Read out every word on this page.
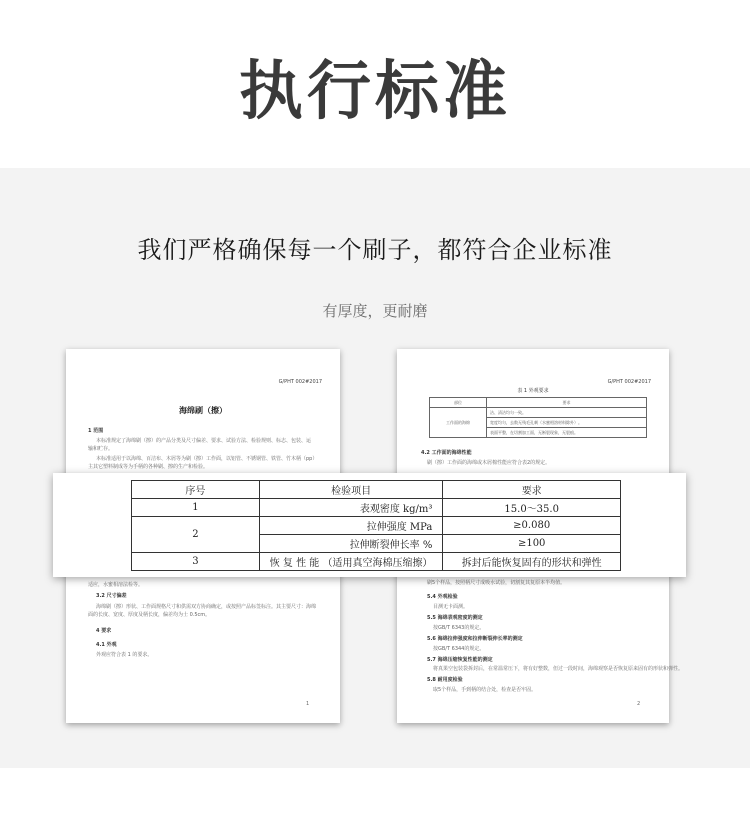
执行标准
我们严格确保每一个刷子，都符合企业标准
有厚度，更耐磨
G/PHT 002#2017
海绵刷（擦）
1 范围
本标准规定了海绵刷（擦）的产品分类及尺寸偏差、要求、试验方法、检验规则、标志、包装、运
输和贮存。
本标准适用于以海绵、百洁布、木屑等为刷（擦）工作面，以铝管、不锈钢管、铁管、竹木柄（pp）
主其它塑料制成等为手柄的各种刷、擦的生产和检验。
适应，水蜜相溶法检等。
3.2 尺寸偏差
海绵刷（擦）形状、工作面规格尺寸和供需双方协商确定，或按照产品标签标注。其主要尺寸：海绵
面的长度、宽度、厚度及柄长度，偏差均为士 0.5cm。
4 要求
4.1 外观
外观应符合表 1 的要求。
1
G/PHT 002#2017
表 1 外观要求
部位	要求
工作面的海绵	洁、清洁均匀一致。
	宽度均匀，去数无残毛孔刺（水蜜相溶材料除外）。
	表面平整，在切割加工面，无断裂现象，无裂痕。
4.2 工作面的海绵性能
刷（擦）工作面的海绵或木屑棉性能应符合表2的规定。
刷5个样品，按照柄尺寸成吸水试验，切割复其复原本半均值。
5.4 外观检验
目测无卡面测。
5.5 海绵表观密度的测定
按GB/T 6343的规定。
5.6 海绵拉伸强度和拉伸断裂伸长率的测定
按GB/T 6344的规定。
5.7 海绵压缩恢复性能的测定
将真果空包装袋拆封后，在常温常压下，将有好整数，但过一段时间，海绵观察是否恢复原来固有的形状和弹性。
5.8 耐用度检验
取5个样品，手到柄的结合处，检查是否牢固。
2
序号	检验项目	要求
1	表观密度 kg/m³	15.0～35.0
2	拉伸强度 MPa	≥0.080
	拉伸断裂伸长率 %	≥100
3	恢 复 性 能 （适用真空海棉压缩擦）	拆封后能恢复固有的形状和弹性
